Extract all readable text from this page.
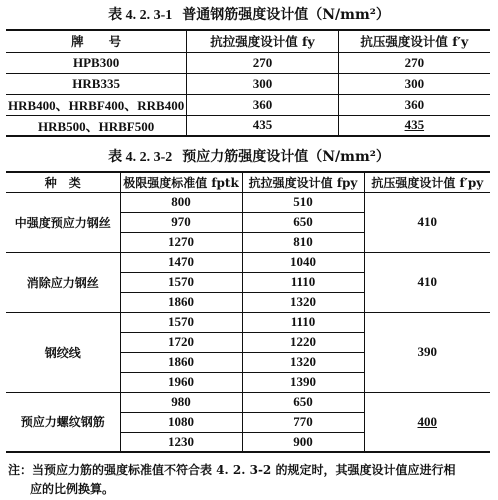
表 4. 2. 3-1 普通钢筋强度设计值（N/mm²）
牌　　号	抗拉强度设计值 fy	抗压强度设计值 f′y
HPB300	270	270
HRB335	300	300
HRB400、HRBF400、RRB400	360	360
HRB500、HRBF500	435	435
表 4. 2. 3-2 预应力筋强度设计值（N/mm²）
种　类	极限强度标准值 fptk	抗拉强度设计值 fpy	抗压强度设计值 f′py
中强度预应力钢丝	800	510	410
	970	650	
	1270	810	
消除应力钢丝	1470	1040	410
	1570	1110	
	1860	1320	
钢绞线	1570	1110	390
	1720	1220	
	1860	1320	
	1960	1390	
预应力螺纹钢筋	980	650	400
	1080	770	
	1230	900	
注：当预应力筋的强度标准值不符合表 4. 2. 3-2 的规定时，其强度设计值应进行相
应的比例换算。
